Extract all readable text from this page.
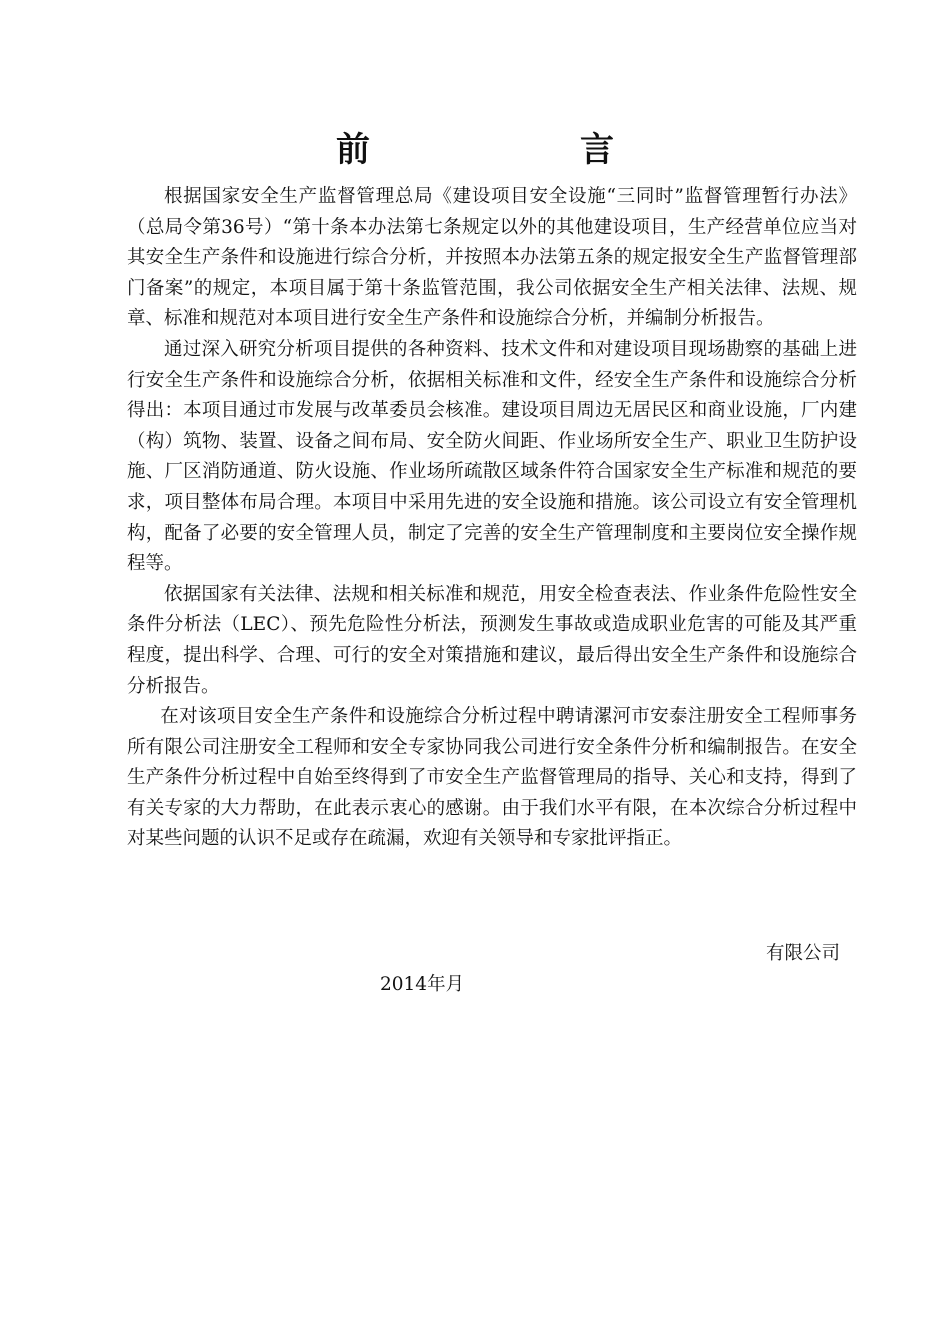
前　言

根据国家安全生产监督管理总局《建设项目安全设施“三同时”监督管理暂行办法》（总局令第36号）“第十条本办法第七条规定以外的其他建设项目，生产经营单位应当对其安全生产条件和设施进行综合分析，并按照本办法第五条的规定报安全生产监督管理部门备案”的规定，本项目属于第十条监管范围，我公司依据安全生产相关法律、法规、规章、标准和规范对本项目进行安全生产条件和设施综合分析，并编制分析报告。

通过深入研究分析项目提供的各种资料、技术文件和对建设项目现场勘察的基础上进行安全生产条件和设施综合分析，依据相关标准和文件，经安全生产条件和设施综合分析得出：本项目通过市发展与改革委员会核准。建设项目周边无居民区和商业设施，厂内建（构）筑物、装置、设备之间布局、安全防火间距、作业场所安全生产、职业卫生防护设施、厂区消防通道、防火设施、作业场所疏散区域条件符合国家安全生产标准和规范的要求，项目整体布局合理。本项目中采用先进的安全设施和措施。该公司设立有安全管理机构，配备了必要的安全管理人员，制定了完善的安全生产管理制度和主要岗位安全操作规程等。

依据国家有关法律、法规和相关标准和规范，用安全检查表法、作业条件危险性安全条件分析法（LEC）、预先危险性分析法，预测发生事故或造成职业危害的可能及其严重程度，提出科学、合理、可行的安全对策措施和建议，最后得出安全生产条件和设施综合分析报告。

在对该项目安全生产条件和设施综合分析过程中聘请漯河市安泰注册安全工程师事务所有限公司注册安全工程师和安全专家协同我公司进行安全条件分析和编制报告。在安全生产条件分析过程中自始至终得到了市安全生产监督管理局的指导、关心和支持，得到了有关专家的大力帮助，在此表示衷心的感谢。由于我们水平有限，在本次综合分析过程中对某些问题的认识不足或存在疏漏，欢迎有关领导和专家批评指正。

有限公司
2014年月
